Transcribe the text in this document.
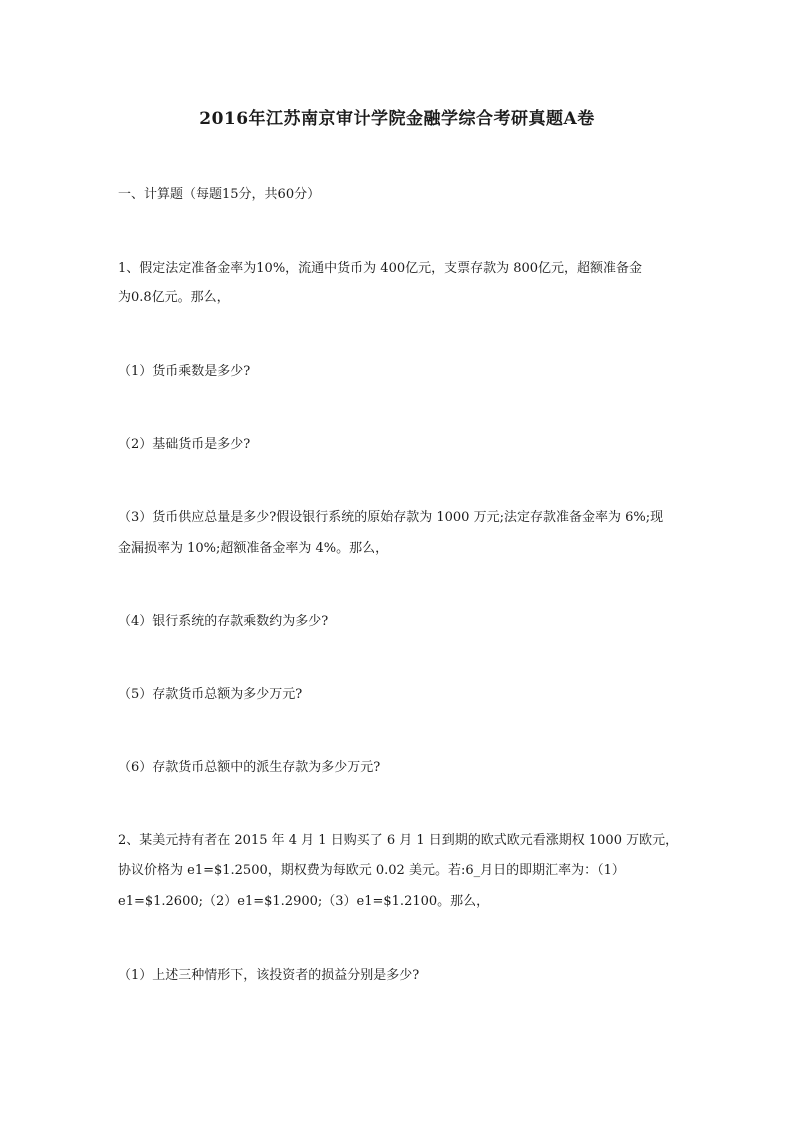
2016年江苏南京审计学院金融学综合考研真题A卷
一、计算题（每题15分，共60分）
1、假定法定准备金率为10%，流通中货币为 400亿元，支票存款为 800亿元，超额准备金
为0.8亿元。那么，
（1）货币乘数是多少?
（2）基础货币是多少?
（3）货币供应总量是多少?假设银行系统的原始存款为 1000 万元;法定存款准备金率为 6%;现
金漏损率为 10%;超额准备金率为 4%。那么，
（4）银行系统的存款乘数约为多少?
（5）存款货币总额为多少万元?
（6）存款货币总额中的派生存款为多少万元?
2、某美元持有者在 2015 年 4 月 1 日购买了 6 月 1 日到期的欧式欧元看涨期权 1000 万欧元，
协议价格为 e1=$1.2500，期权费为每欧元 0.02 美元。若:6_月日的即期汇率为：（1）
e1=$1.2600;（2）e1=$1.2900;（3）e1=$1.2100。那么，
（1）上述三种情形下，该投资者的损益分别是多少?
